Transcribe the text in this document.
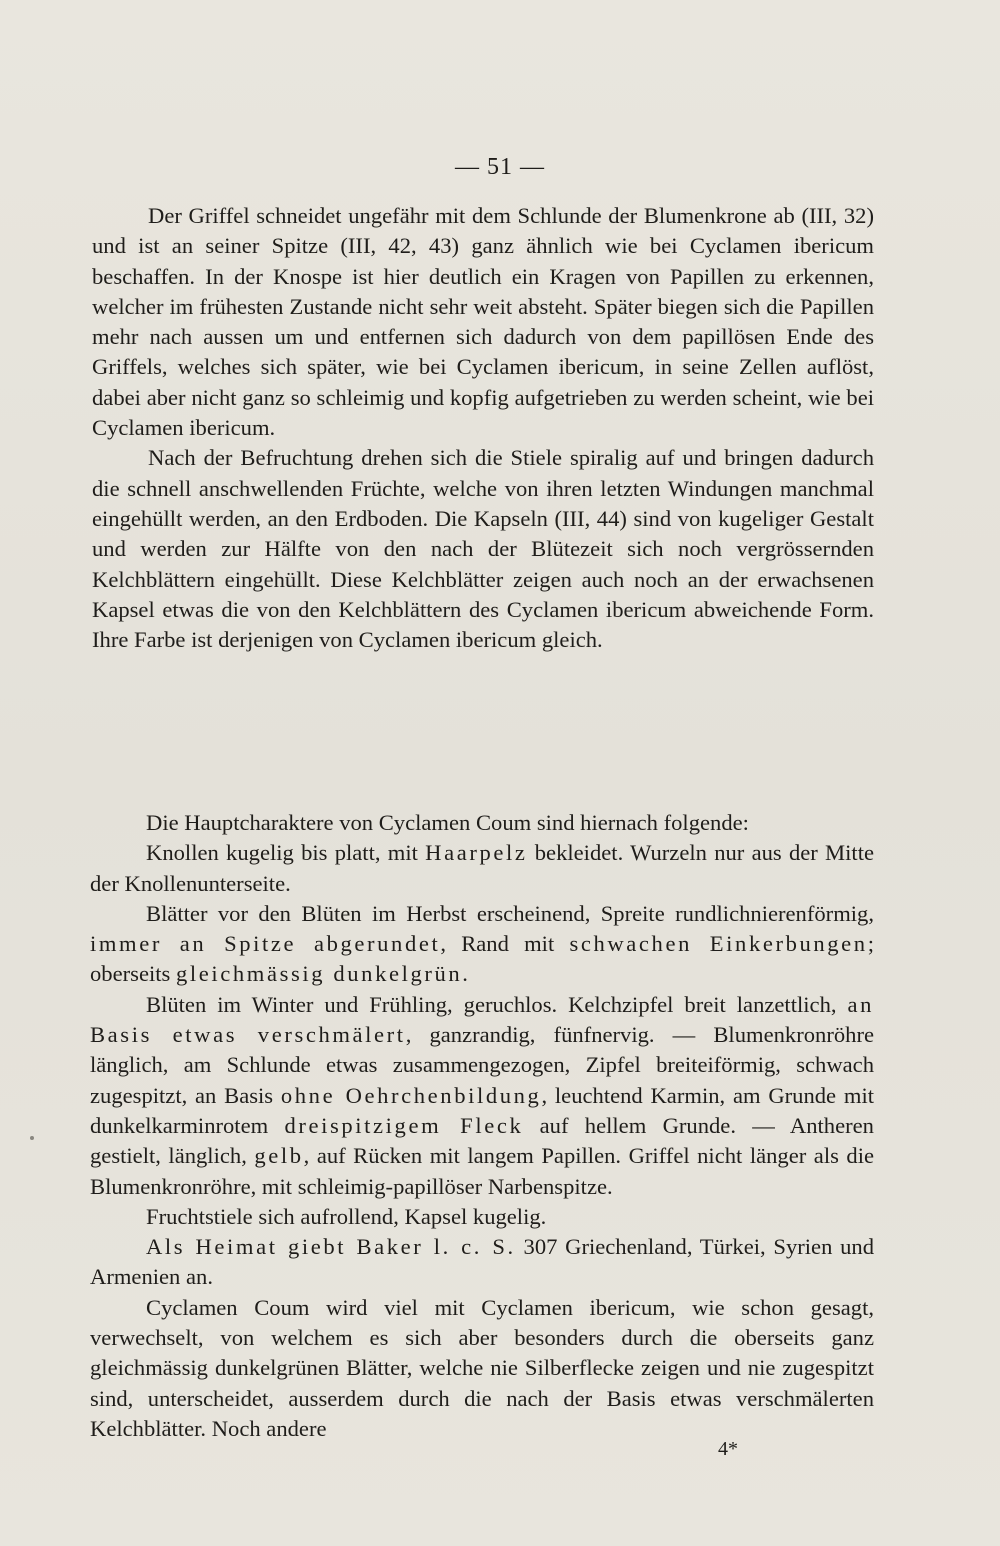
— 51 —

Der Griffel schneidet ungefähr mit dem Schlunde der Blumenkrone ab (III, 32) und ist an seiner Spitze (III, 42, 43) ganz ähnlich wie bei Cyclamen ibericum beschaffen. In der Knospe ist hier deutlich ein Kragen von Papillen zu erkennen, welcher im frühesten Zustande nicht sehr weit absteht. Später biegen sich die Papillen mehr nach aussen um und entfernen sich dadurch von dem papillösen Ende des Griffels, welches sich später, wie bei Cyclamen ibericum, in seine Zellen auflöst, dabei aber nicht ganz so schleimig und kopfig aufgetrieben zu werden scheint, wie bei Cyclamen ibericum.

Nach der Befruchtung drehen sich die Stiele spiralig auf und bringen dadurch die schnell anschwellenden Früchte, welche von ihren letzten Windungen manchmal eingehüllt werden, an den Erdboden. Die Kapseln (III, 44) sind von kugeliger Gestalt und werden zur Hälfte von den nach der Blütezeit sich noch vergrössernden Kelchblättern eingehüllt. Diese Kelchblätter zeigen auch noch an der erwachsenen Kapsel etwas die von den Kelchblättern des Cyclamen ibericum abweichende Form. Ihre Farbe ist derjenigen von Cyclamen ibericum gleich.

Die Hauptcharaktere von Cyclamen Coum sind hiernach folgende:

Knollen kugelig bis platt, mit Haarpelz bekleidet. Wurzeln nur aus der Mitte der Knollenunterseite.

Blätter vor den Blüten im Herbst erscheinend, Spreite rundlichnierenförmig, immer an Spitze abgerundet, Rand mit schwachen Einkerbungen; oberseits gleichmässig dunkelgrün.

Blüten im Winter und Frühling, geruchlos. Kelchzipfel breit lanzettlich, an Basis etwas verschmälert, ganzrandig, fünfnervig. — Blumenkronröhre länglich, am Schlunde etwas zusammengezogen, Zipfel breiteiförmig, schwach zugespitzt, an Basis ohne Oehrchenbildung, leuchtend Karmin, am Grunde mit dunkelkarminrotem dreispitzigem Fleck auf hellem Grunde. — Antheren gestielt, länglich, gelb, auf Rücken mit langem Papillen. Griffel nicht länger als die Blumenkronröhre, mit schleimig-papillöser Narbenspitze.

Fruchtstiele sich aufrollend, Kapsel kugelig.

Als Heimat giebt Baker l. c. S. 307 Griechenland, Türkei, Syrien und Armenien an.

Cyclamen Coum wird viel mit Cyclamen ibericum, wie schon gesagt, verwechselt, von welchem es sich aber besonders durch die oberseits ganz gleichmässig dunkelgrünen Blätter, welche nie Silberflecke zeigen und nie zugespitzt sind, unterscheidet, ausserdem durch die nach der Basis etwas verschmälerten Kelchblätter. Noch andere

4*
